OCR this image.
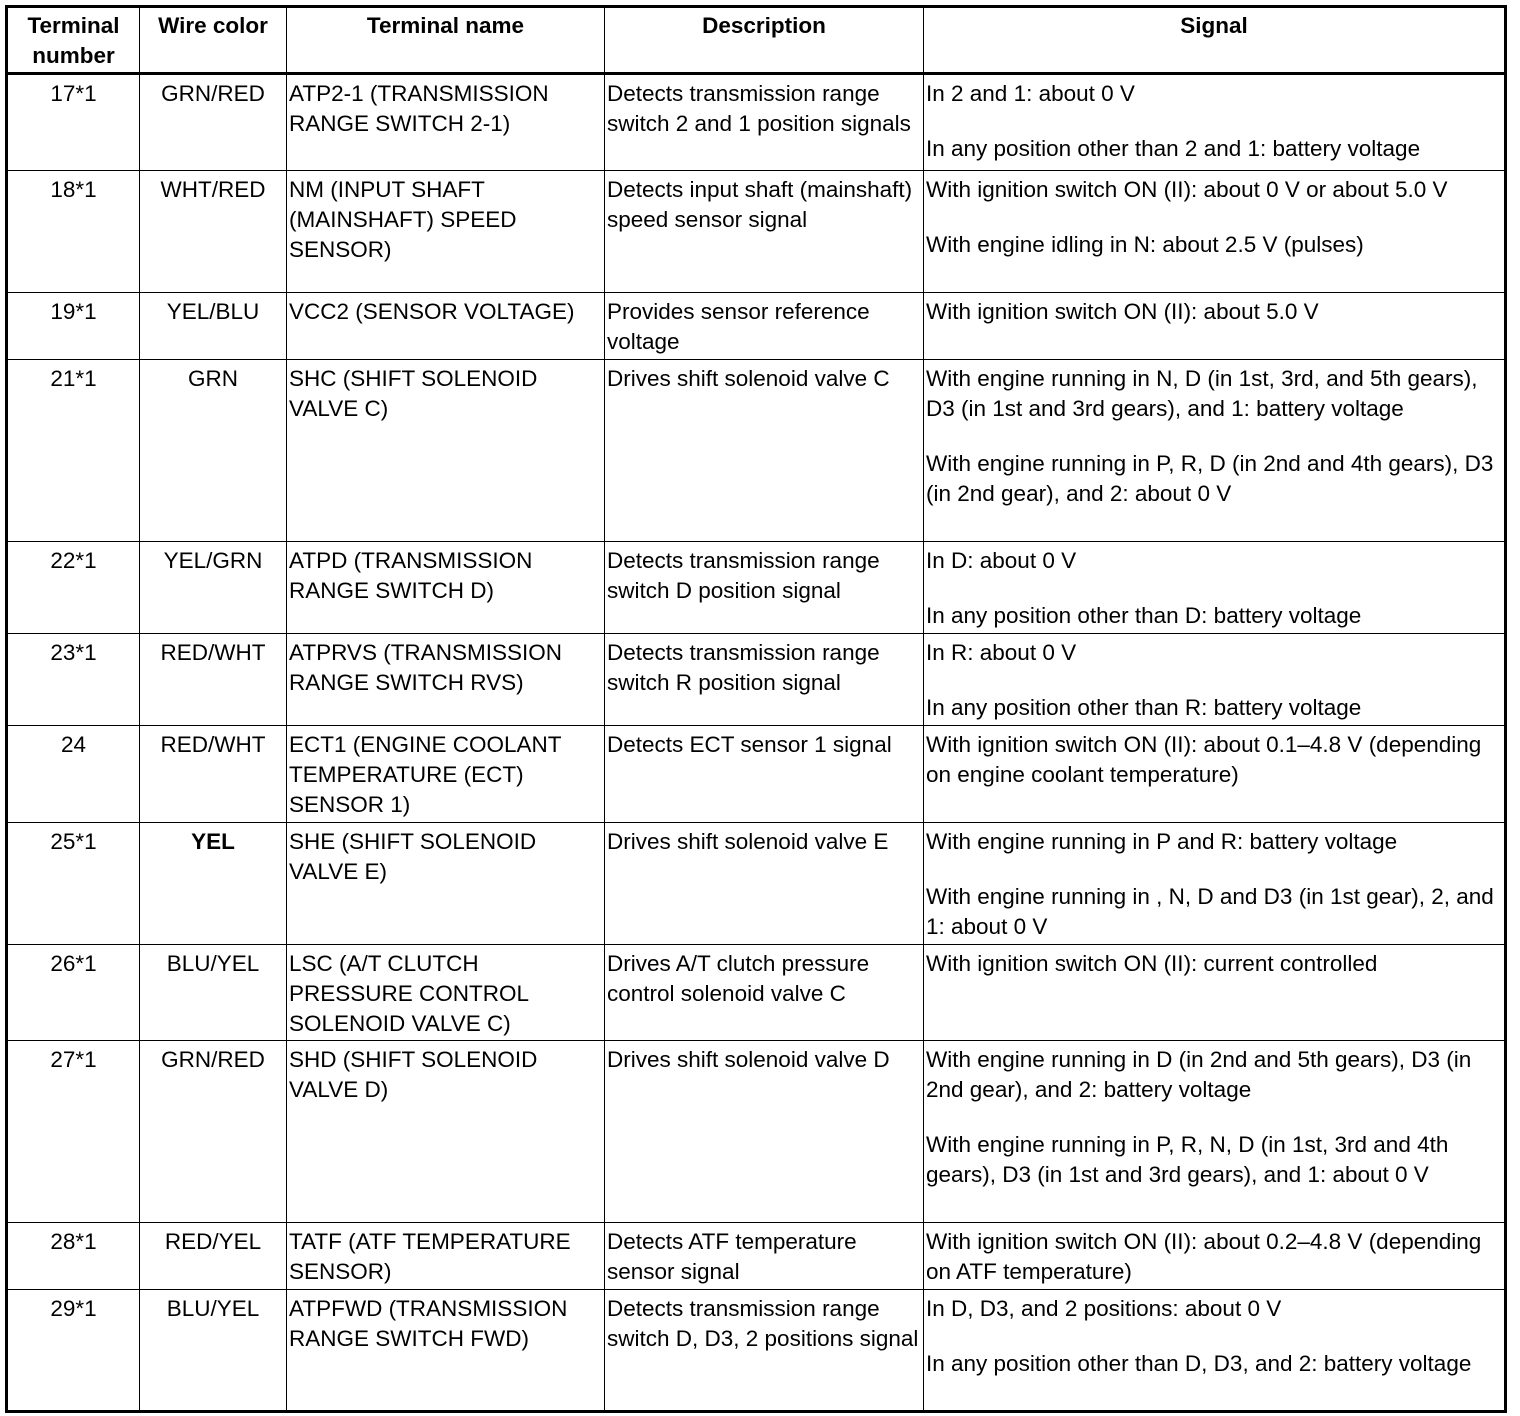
Terminal number	Wire color	Terminal name	Description	Signal
17*1	GRN/RED	ATP2-1 (TRANSMISSION RANGE SWITCH 2-1)	Detects transmission range switch 2 and 1 position signals	In 2 and 1: about 0 V

In any position other than 2 and 1: battery voltage

18*1	WHT/RED	NM (INPUT SHAFT (MAINSHAFT) SPEED SENSOR)	Detects input shaft (mainshaft) speed sensor signal	With ignition switch ON (II): about 0 V or about 5.0 V

With engine idling in N: about 2.5 V (pulses)

19*1	YEL/BLU	VCC2 (SENSOR VOLTAGE)	Provides sensor reference voltage	With ignition switch ON (II): about 5.0 V

21*1	GRN	SHC (SHIFT SOLENOID VALVE C)	Drives shift solenoid valve C	With engine running in N, D (in 1st, 3rd, and 5th gears), D3 (in 1st and 3rd gears), and 1: battery voltage

With engine running in P, R, D (in 2nd and 4th gears), D3 (in 2nd gear), and 2: about 0 V

22*1	YEL/GRN	ATPD (TRANSMISSION RANGE SWITCH D)	Detects transmission range switch D position signal	In D: about 0 V

In any position other than D: battery voltage

23*1	RED/WHT	ATPRVS (TRANSMISSION RANGE SWITCH RVS)	Detects transmission range switch R position signal	In R: about 0 V

In any position other than R: battery voltage

24	RED/WHT	ECT1 (ENGINE COOLANT TEMPERATURE (ECT) SENSOR 1)	Detects ECT sensor 1 signal	With ignition switch ON (II): about 0.1–4.8 V (depending on engine coolant temperature)

25*1	YEL	SHE (SHIFT SOLENOID VALVE E)	Drives shift solenoid valve E	With engine running in P and R: battery voltage

With engine running in , N, D and D3 (in 1st gear), 2, and 1: about 0 V

26*1	BLU/YEL	LSC (A/T CLUTCH PRESSURE CONTROL SOLENOID VALVE C)	Drives A/T clutch pressure control solenoid valve C	With ignition switch ON (II): current controlled

27*1	GRN/RED	SHD (SHIFT SOLENOID VALVE D)	Drives shift solenoid valve D	With engine running in D (in 2nd and 5th gears), D3 (in 2nd gear), and 2: battery voltage

With engine running in P, R, N, D (in 1st, 3rd and 4th gears), D3 (in 1st and 3rd gears), and 1: about 0 V

28*1	RED/YEL	TATF (ATF TEMPERATURE SENSOR)	Detects ATF temperature sensor signal	With ignition switch ON (II): about 0.2–4.8 V (depending on ATF temperature)

29*1	BLU/YEL	ATPFWD (TRANSMISSION RANGE SWITCH FWD)	Detects transmission range switch D, D3, 2 positions signal	In D, D3, and 2 positions: about 0 V

In any position other than D, D3, and 2: battery voltage
